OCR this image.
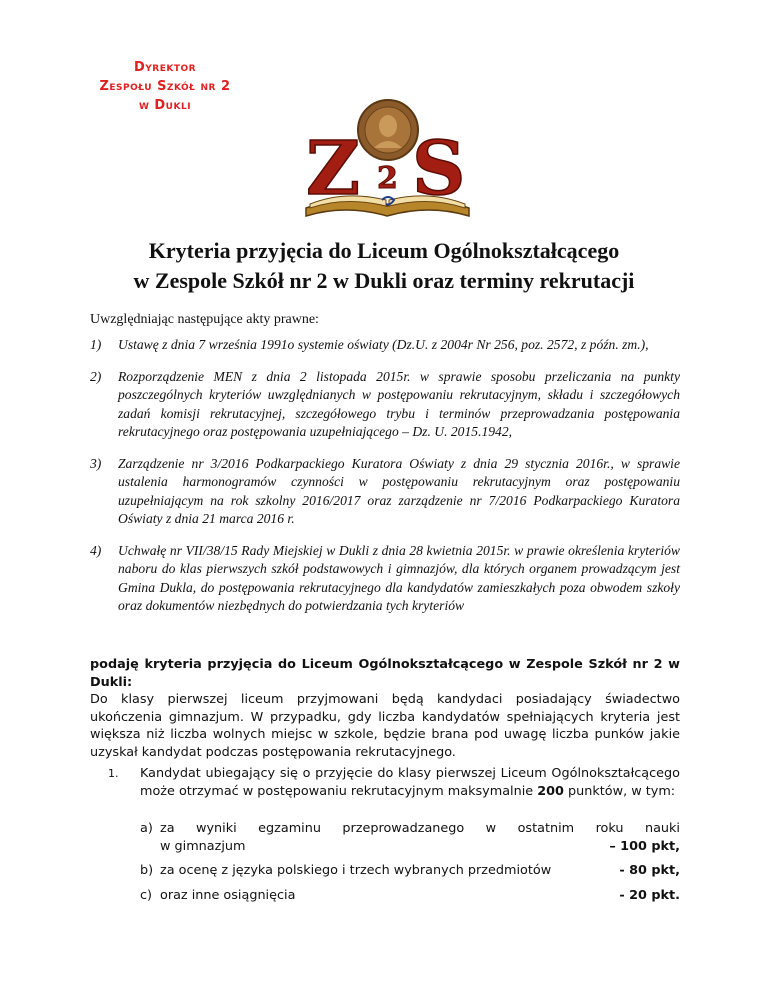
Dyrektor
Zespołu Szkół nr 2
w Dukli
Z S
2
Kryteria przyjęcia do Liceum Ogólnokształcącego
w Zespole Szkół nr 2 w Dukli oraz terminy rekrutacji
Uwzględniając następujące akty prawne:
1) Ustawę z dnia 7 września 1991o systemie oświaty (Dz.U. z 2004r Nr 256, poz. 2572, z późn. zm.),
2) Rozporządzenie MEN z dnia 2 listopada 2015r. w sprawie sposobu przeliczania na punkty poszczególnych kryteriów uwzględnianych w postępowaniu rekrutacyjnym, składu i szczegółowych zadań komisji rekrutacyjnej, szczegółowego trybu i terminów przeprowadzania postępowania rekrutacyjnego oraz postępowania uzupełniającego – Dz. U. 2015.1942,
3) Zarządzenie nr 3/2016 Podkarpackiego Kuratora Oświaty z dnia 29 stycznia 2016r., w sprawie ustalenia harmonogramów czynności w postępowaniu rekrutacyjnym oraz postępowaniu uzupełniającym na rok szkolny 2016/2017 oraz zarządzenie nr 7/2016 Podkarpackiego Kuratora Oświaty z dnia 21 marca 2016 r.
4) Uchwałę nr VII/38/15 Rady Miejskiej w Dukli z dnia 28 kwietnia 2015r. w prawie określenia kryteriów naboru do klas pierwszych szkół podstawowych i gimnazjów, dla których organem prowadzącym jest Gmina Dukla, do postępowania rekrutacyjnego dla kandydatów zamieszkałych poza obwodem szkoły oraz dokumentów niezbędnych do potwierdzania tych kryteriów
podaję kryteria przyjęcia do Liceum Ogólnokształcącego w Zespole Szkół nr 2 w Dukli:
Do klasy pierwszej liceum przyjmowani będą kandydaci posiadający świadectwo ukończenia gimnazjum. W przypadku, gdy liczba kandydatów spełniających kryteria jest większa niż liczba wolnych miejsc w szkole, będzie brana pod uwagę liczba punków jakie uzyskał kandydat podczas postępowania rekrutacyjnego.
1. Kandydat ubiegający się o przyjęcie do klasy pierwszej Liceum Ogólnokształcącego może otrzymać w postępowaniu rekrutacyjnym maksymalnie 200 punktów, w tym:
a) za wyniki egzaminu przeprowadzanego w ostatnim roku nauki
w gimnazjum	– 100 pkt,
b) za ocenę z języka polskiego i trzech wybranych przedmiotów	- 80 pkt,
c) oraz inne osiągnięcia	- 20 pkt.
